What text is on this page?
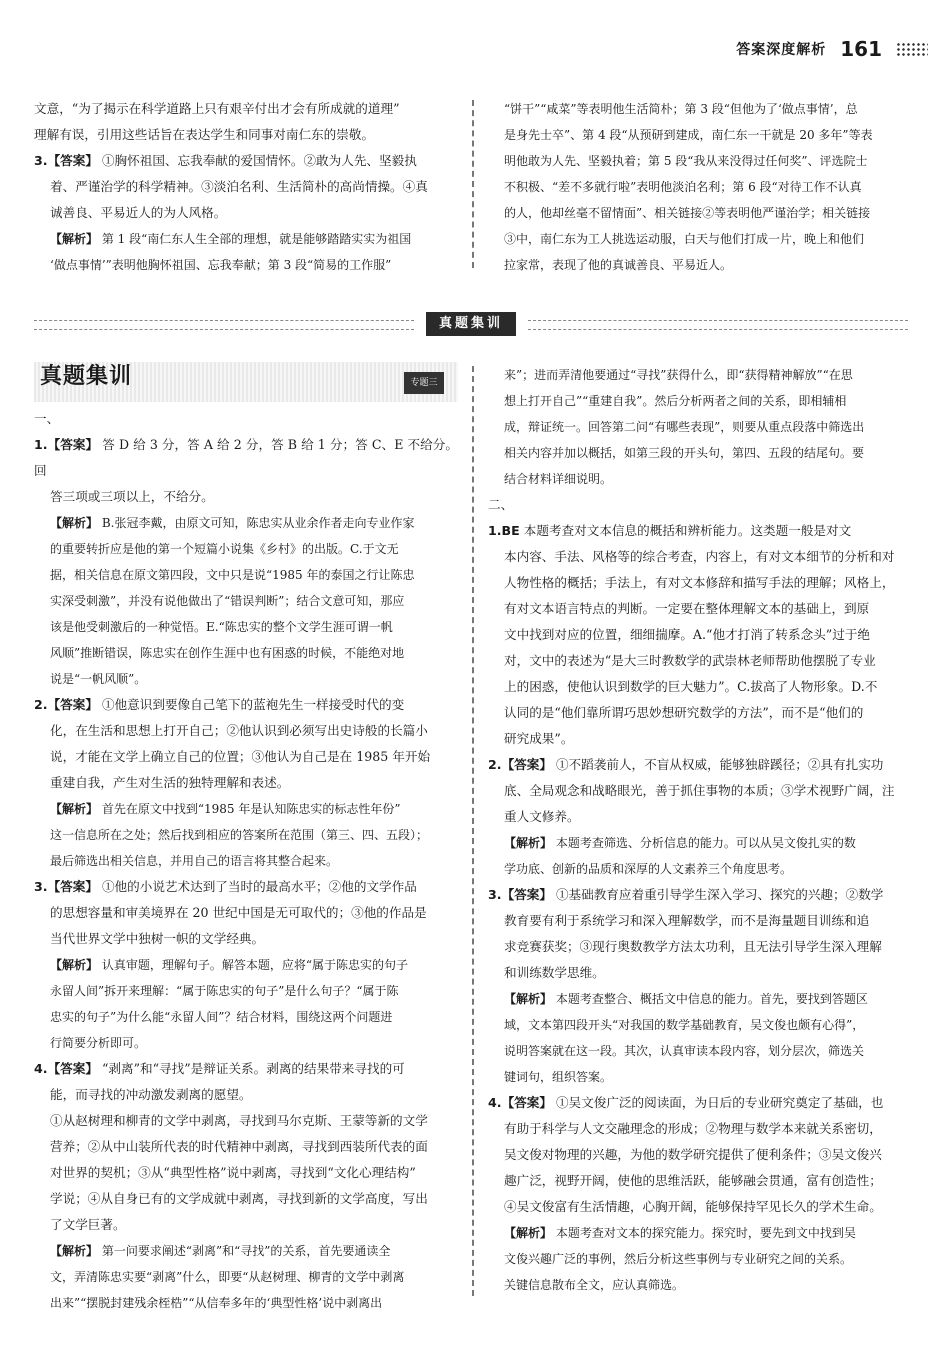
答案深度解析 161
文意，“为了揭示在科学道路上只有艰辛付出才会有所成就的道理”
理解有误，引用这些话旨在表达学生和同事对南仁东的崇敬。
3.【答案】 ①胸怀祖国、忘我奉献的爱国情怀。②敢为人先、坚毅执
着、严谨治学的科学精神。③淡泊名利、生活简朴的高尚情操。④真
诚善良、平易近人的为人风格。
【解析】 第 1 段“南仁东人生全部的理想，就是能够踏踏实实为祖国
‘做点事情’”表明他胸怀祖国、忘我奉献；第 3 段“简易的工作服”
“饼干”“咸菜”等表明他生活简朴；第 3 段“但他为了‘做点事情’，总
是身先士卒”、第 4 段“从预研到建成，南仁东一干就是 20 多年”等表
明他敢为人先、坚毅执着；第 5 段“我从来没得过任何奖”、评选院士
不积极、“差不多就行啦”表明他淡泊名利；第 6 段“对待工作不认真
的人，他却丝毫不留情面”、相关链接②等表明他严谨治学；相关链接
③中，南仁东为工人挑选运动服，白天与他们打成一片，晚上和他们
拉家常，表现了他的真诚善良、平易近人。
真题集训
真题集训	专题三
一、
1.【答案】 答 D 给 3 分，答 A 给 2 分，答 B 给 1 分；答 C、E 不给分。回
答三项或三项以上，不给分。
【解析】 B.张冠李戴，由原文可知，陈忠实从业余作者走向专业作家
的重要转折应是他的第一个短篇小说集《乡村》的出版。C.于文无
据，相关信息在原文第四段，文中只是说“1985 年的泰国之行让陈忠
实深受刺激”，并没有说他做出了“错误判断”；结合文意可知，那应
该是他受刺激后的一种觉悟。E.“陈忠实的整个文学生涯可谓一帆
风顺”推断错误，陈忠实在创作生涯中也有困惑的时候，不能绝对地
说是“一帆风顺”。
2.【答案】 ①他意识到要像自己笔下的蓝袍先生一样接受时代的变
化，在生活和思想上打开自己；②他认识到必须写出史诗般的长篇小
说，才能在文学上确立自己的位置；③他认为自己是在 1985 年开始
重建自我，产生对生活的独特理解和表述。
【解析】 首先在原文中找到“1985 年是认知陈忠实的标志性年份”
这一信息所在之处；然后找到相应的答案所在范围（第三、四、五段）；
最后筛选出相关信息，并用自己的语言将其整合起来。
3.【答案】 ①他的小说艺术达到了当时的最高水平；②他的文学作品
的思想容量和审美境界在 20 世纪中国是无可取代的；③他的作品是
当代世界文学中独树一帜的文学经典。
【解析】 认真审题，理解句子。解答本题，应将“属于陈忠实的句子
永留人间”拆开来理解：“属于陈忠实的句子”是什么句子？“属于陈
忠实的句子”为什么能“永留人间”？结合材料，围绕这两个问题进
行简要分析即可。
4.【答案】 “剥离”和“寻找”是辩证关系。剥离的结果带来寻找的可
能，而寻找的冲动激发剥离的愿望。
①从赵树理和柳青的文学中剥离，寻找到马尔克斯、王蒙等新的文学
营养；②从中山装所代表的时代精神中剥离，寻找到西装所代表的面
对世界的契机；③从“典型性格”说中剥离，寻找到“文化心理结构”
学说；④从自身已有的文学成就中剥离，寻找到新的文学高度，写出
了文学巨著。
【解析】 第一问要求阐述“剥离”和“寻找”的关系，首先要通读全
文，弄清陈忠实要“剥离”什么，即要“从赵树理、柳青的文学中剥离
出来”“摆脱封建残余桎梏”“从信奉多年的‘典型性格’说中剥离出
来”；进而弄清他要通过“寻找”获得什么，即“获得精神解放”“在思
想上打开自己”“重建自我”。然后分析两者之间的关系，即相辅相
成，辩证统一。回答第二问“有哪些表现”，则要从重点段落中筛选出
相关内容并加以概括，如第三段的开头句，第四、五段的结尾句。要
结合材料详细说明。
二、
1.BE 本题考查对文本信息的概括和辨析能力。这类题一般是对文
本内容、手法、风格等的综合考查，内容上，有对文本细节的分析和对
人物性格的概括；手法上，有对文本修辞和描写手法的理解；风格上，
有对文本语言特点的判断。一定要在整体理解文本的基础上，到原
文中找到对应的位置，细细揣摩。A.“他才打消了转系念头”过于绝
对，文中的表述为“是大三时教数学的武崇林老师帮助他摆脱了专业
上的困惑，使他认识到数学的巨大魅力”。C.拔高了人物形象。D.不
认同的是“他们靠所谓巧思妙想研究数学的方法”，而不是“他们的
研究成果”。
2.【答案】 ①不蹈袭前人，不盲从权威，能够独辟蹊径；②具有扎实功
底、全局观念和战略眼光，善于抓住事物的本质；③学术视野广阔，注
重人文修养。
【解析】 本题考查筛选、分析信息的能力。可以从吴文俊扎实的数
学功底、创新的品质和深厚的人文素养三个角度思考。
3.【答案】 ①基础教育应着重引导学生深入学习、探究的兴趣；②数学
教育要有利于系统学习和深入理解数学，而不是海量题目训练和追
求竞赛获奖；③现行奥数教学方法太功利，且无法引导学生深入理解
和训练数学思维。
【解析】 本题考查整合、概括文中信息的能力。首先，要找到答题区
域，文本第四段开头“对我国的数学基础教育，吴文俊也颇有心得”，
说明答案就在这一段。其次，认真审读本段内容，划分层次，筛选关
键词句，组织答案。
4.【答案】 ①吴文俊广泛的阅读面，为日后的专业研究奠定了基础，也
有助于科学与人文交融理念的形成；②物理与数学本来就关系密切，
吴文俊对物理的兴趣，为他的数学研究提供了便利条件；③吴文俊兴
趣广泛，视野开阔，使他的思维活跃，能够融会贯通，富有创造性；
④吴文俊富有生活情趣，心胸开阔，能够保持罕见长久的学术生命。
【解析】 本题考查对文本的探究能力。探究时，要先到文中找到吴
文俊兴趣广泛的事例，然后分析这些事例与专业研究之间的关系。
关键信息散布全文，应认真筛选。
